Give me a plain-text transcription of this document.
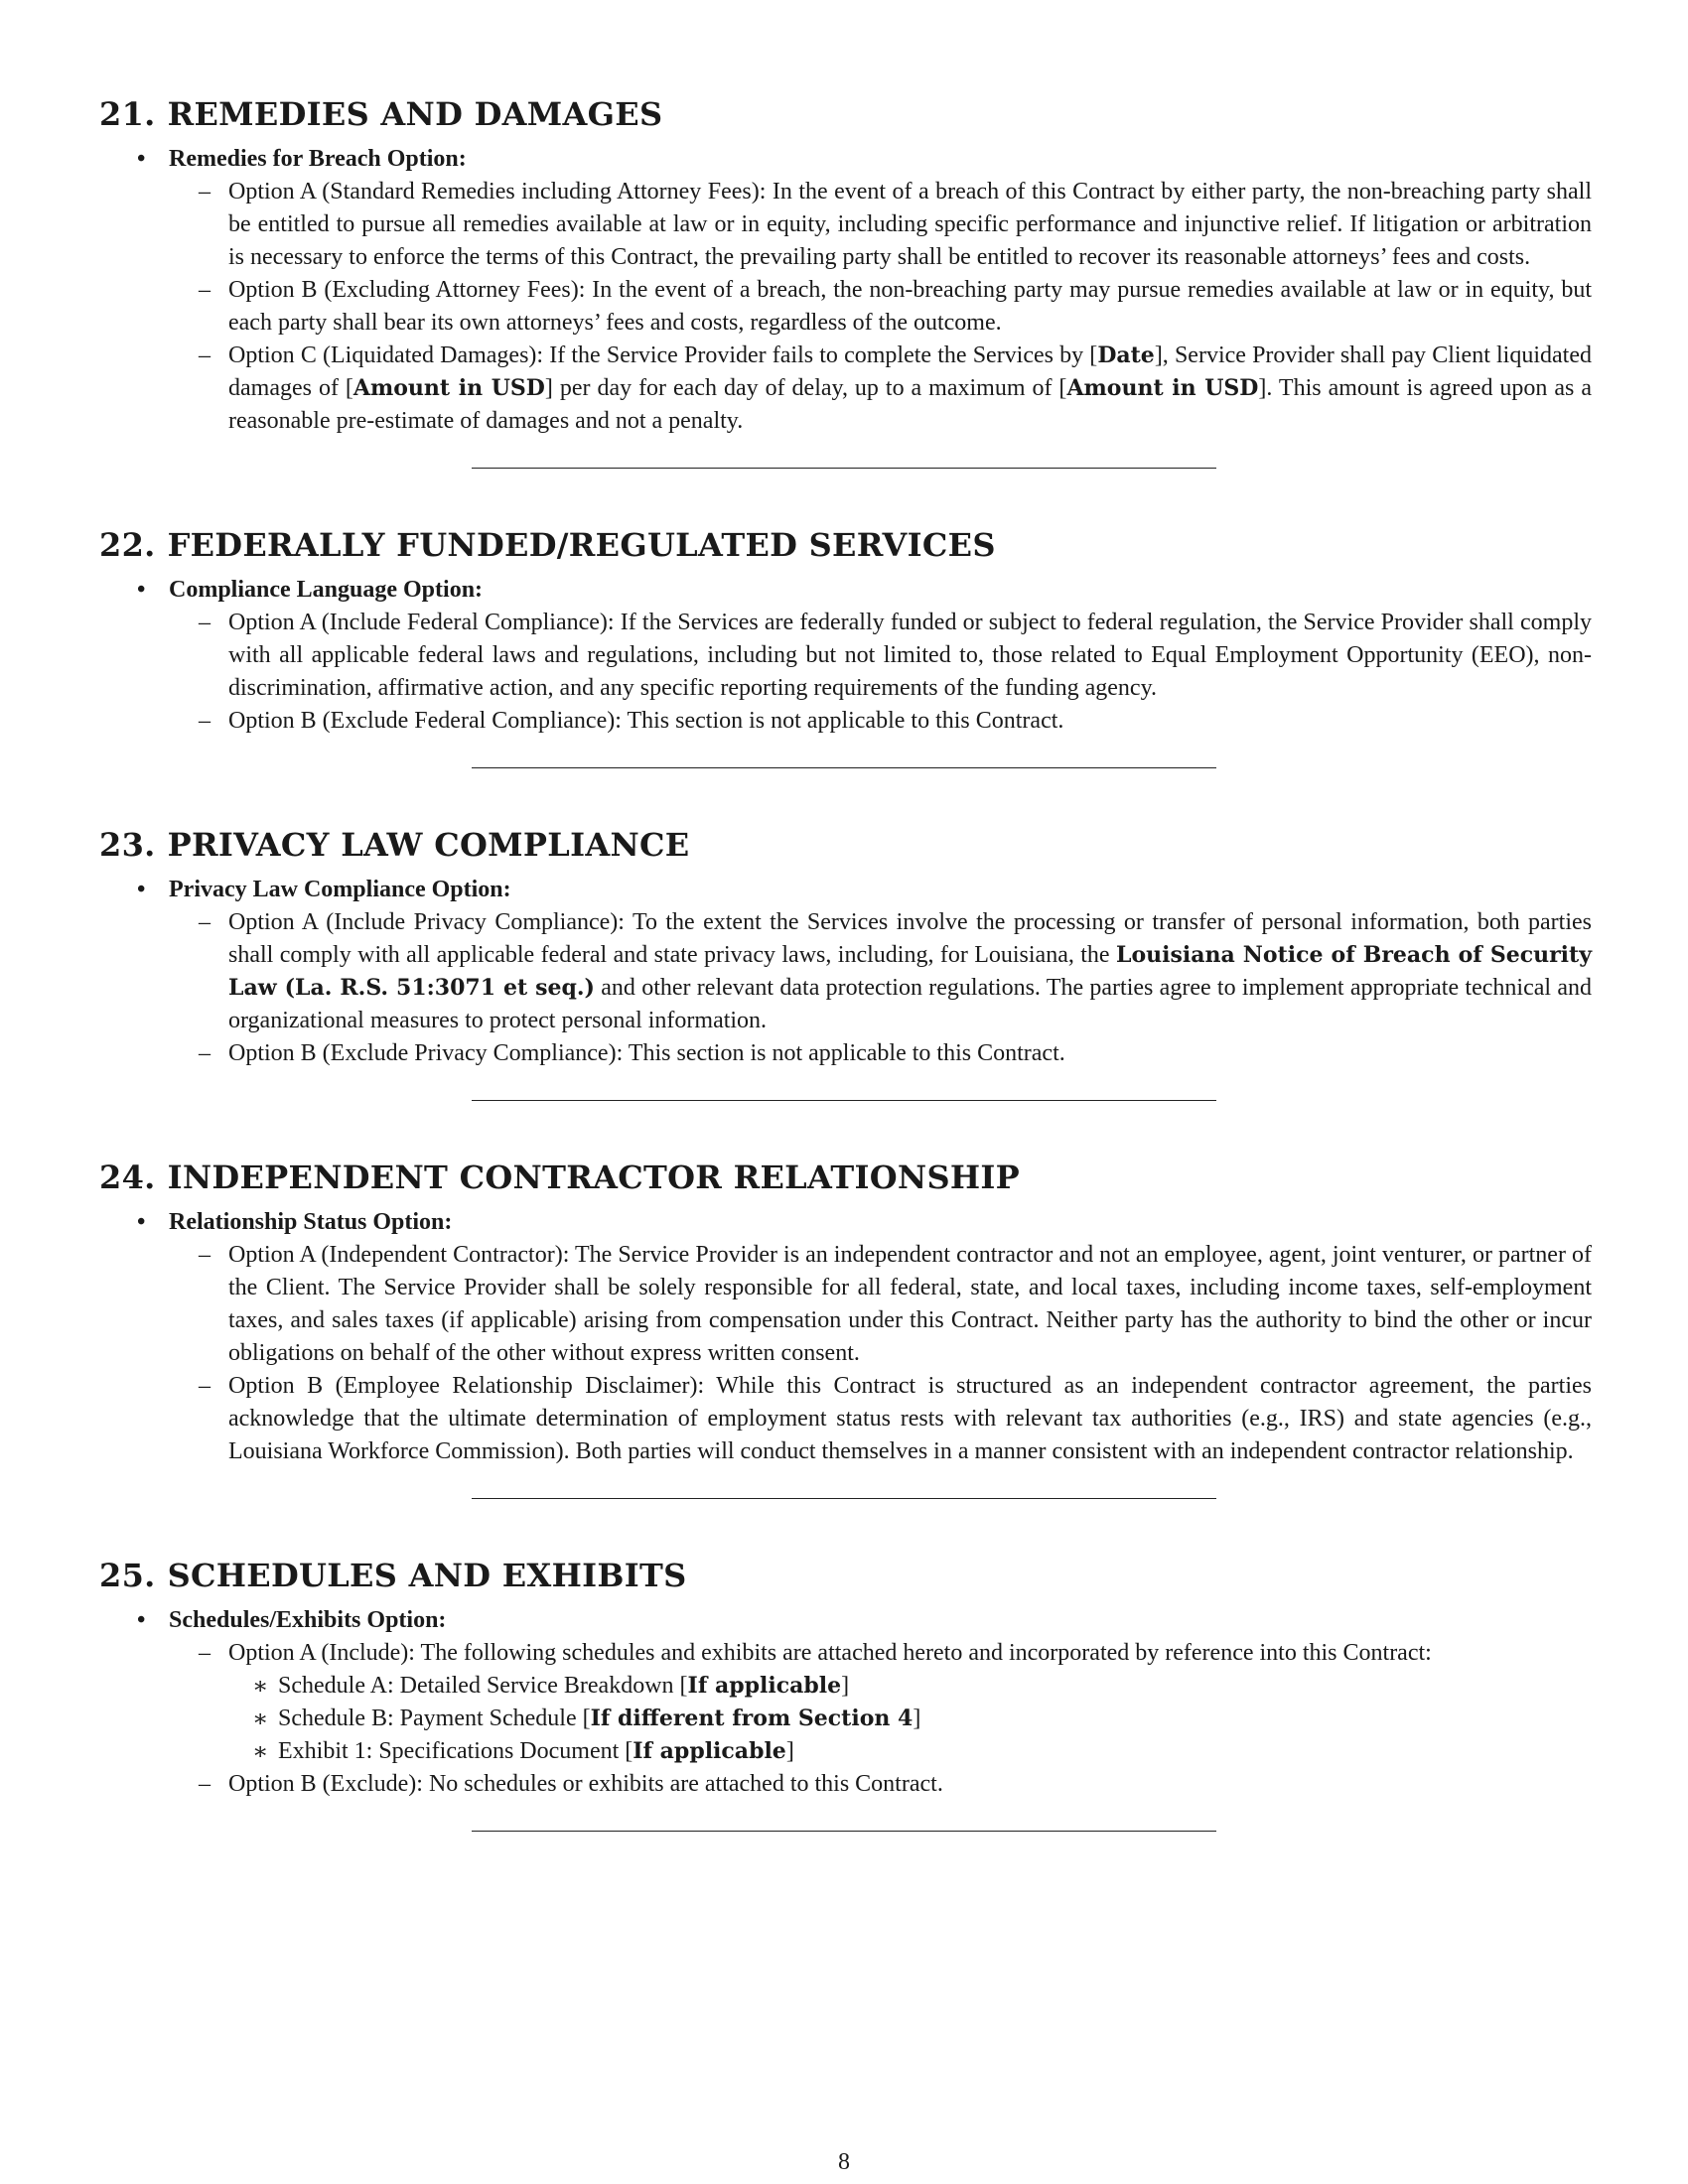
21. REMEDIES AND DAMAGES
• Remedies for Breach Option:
– Option A (Standard Remedies including Attorney Fees): In the event of a breach of this Contract by either party, the non-breaching party shall be entitled to pursue all remedies available at law or in equity, including specific performance and injunctive relief. If litigation or arbitration is necessary to enforce the terms of this Contract, the prevailing party shall be entitled to recover its reasonable attorneys’ fees and costs.
– Option B (Excluding Attorney Fees): In the event of a breach, the non-breaching party may pursue remedies available at law or in equity, but each party shall bear its own attorneys’ fees and costs, regardless of the outcome.
– Option C (Liquidated Damages): If the Service Provider fails to complete the Services by [Date], Service Provider shall pay Client liquidated damages of [Amount in USD] per day for each day of delay, up to a maximum of [Amount in USD]. This amount is agreed upon as a reasonable pre-estimate of damages and not a penalty.
22. FEDERALLY FUNDED/REGULATED SERVICES
• Compliance Language Option:
– Option A (Include Federal Compliance): If the Services are federally funded or subject to federal regulation, the Service Provider shall comply with all applicable federal laws and regulations, including but not limited to, those related to Equal Employment Opportunity (EEO), non-discrimination, affirmative action, and any specific reporting requirements of the funding agency.
– Option B (Exclude Federal Compliance): This section is not applicable to this Contract.
23. PRIVACY LAW COMPLIANCE
• Privacy Law Compliance Option:
– Option A (Include Privacy Compliance): To the extent the Services involve the processing or transfer of personal information, both parties shall comply with all applicable federal and state privacy laws, including, for Louisiana, the Louisiana Notice of Breach of Security Law (La. R.S. 51:3071 et seq.) and other relevant data protection regulations. The parties agree to implement appropriate technical and organizational measures to protect personal information.
– Option B (Exclude Privacy Compliance): This section is not applicable to this Contract.
24. INDEPENDENT CONTRACTOR RELATIONSHIP
• Relationship Status Option:
– Option A (Independent Contractor): The Service Provider is an independent contractor and not an employee, agent, joint venturer, or partner of the Client. The Service Provider shall be solely responsible for all federal, state, and local taxes, including income taxes, self-employment taxes, and sales taxes (if applicable) arising from compensation under this Contract. Neither party has the authority to bind the other or incur obligations on behalf of the other without express written consent.
– Option B (Employee Relationship Disclaimer): While this Contract is structured as an independent contractor agreement, the parties acknowledge that the ultimate determination of employment status rests with relevant tax authorities (e.g., IRS) and state agencies (e.g., Louisiana Workforce Commission). Both parties will conduct themselves in a manner consistent with an independent contractor relationship.
25. SCHEDULES AND EXHIBITS
• Schedules/Exhibits Option:
– Option A (Include): The following schedules and exhibits are attached hereto and incorporated by reference into this Contract:
∗ Schedule A: Detailed Service Breakdown [If applicable]
∗ Schedule B: Payment Schedule [If different from Section 4]
∗ Exhibit 1: Specifications Document [If applicable]
– Option B (Exclude): No schedules or exhibits are attached to this Contract.
8
